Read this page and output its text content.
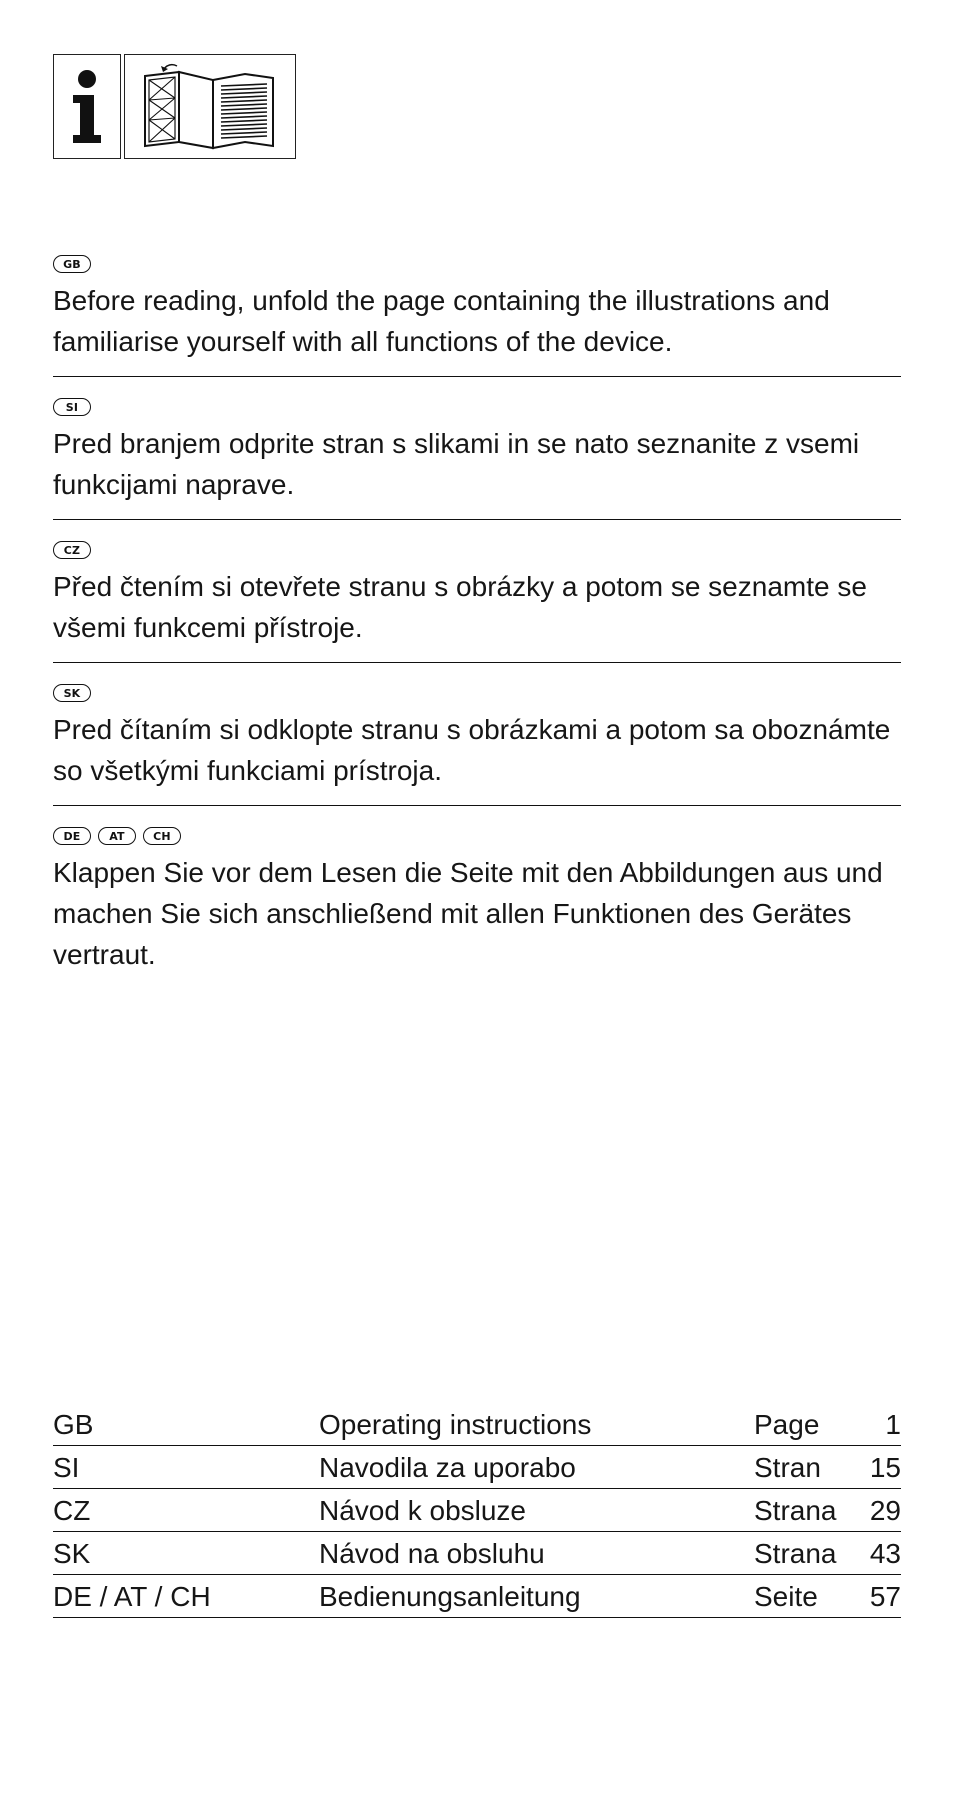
GB

Before reading, unfold the page containing the illustrations and familiarise yourself with all functions of the device.

SI

Pred branjem odprite stran s slikami in se nato seznanite z vsemi funkcijami naprave.

CZ

Před čtením si otevřete stranu s obrázky a potom se seznamte se všemi funkcemi přístroje.

SK

Pred čítaním si odklopte stranu s obrázkami a potom sa oboznámte so všetkými funkciami prístroja.

DE	AT	CH

Klappen Sie vor dem Lesen die Seite mit den Abbildungen aus und machen Sie sich anschließend mit allen Funktionen des Gerätes vertraut.

GB	Operating instructions	Page	1
SI	Navodila za uporabo	Stran	15
CZ	Návod k obsluze	Strana	29
SK	Návod na obsluhu	Strana	43
DE / AT / CH	Bedienungsanleitung	Seite	57
